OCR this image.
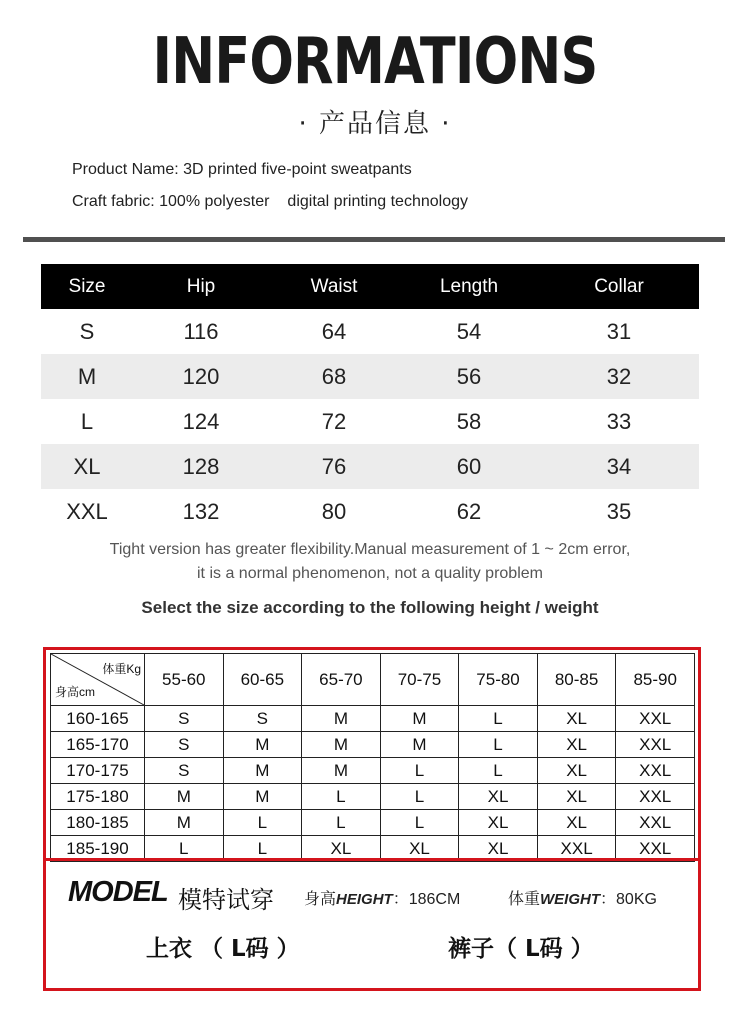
INFORMATIONS
· 产品信息 ·
Product Name: 3D printed five-point sweatpants
Craft fabric: 100% polyester digital printing technology
Size	Hip	Waist	Length	Collar
S	116	64	54	31
M	120	68	56	32
L	124	72	58	33
XL	128	76	60	34
XXL	132	80	62	35
Tight version has greater flexibility.Manual measurement of 1 ~ 2cm error,
it is a normal phenomenon, not a quality problem
Select the size according to the following height / weight
体重Kg
身高cm	55-60	60-65	65-70	70-75	75-80	80-85	85-90
160-165	S	S	M	M	L	XL	XXL
165-170	S	M	M	M	L	XL	XXL
170-175	S	M	M	L	L	XL	XXL
175-180	M	M	L	L	XL	XL	XXL
180-185	M	L	L	L	XL	XL	XXL
185-190	L	L	XL	XL	XL	XXL	XXL
MODEL 模特试穿 身高HEIGHT：186CM	体重WEIGHT：80KG
上衣 （ L码 ）	裤子（ L码 ）
